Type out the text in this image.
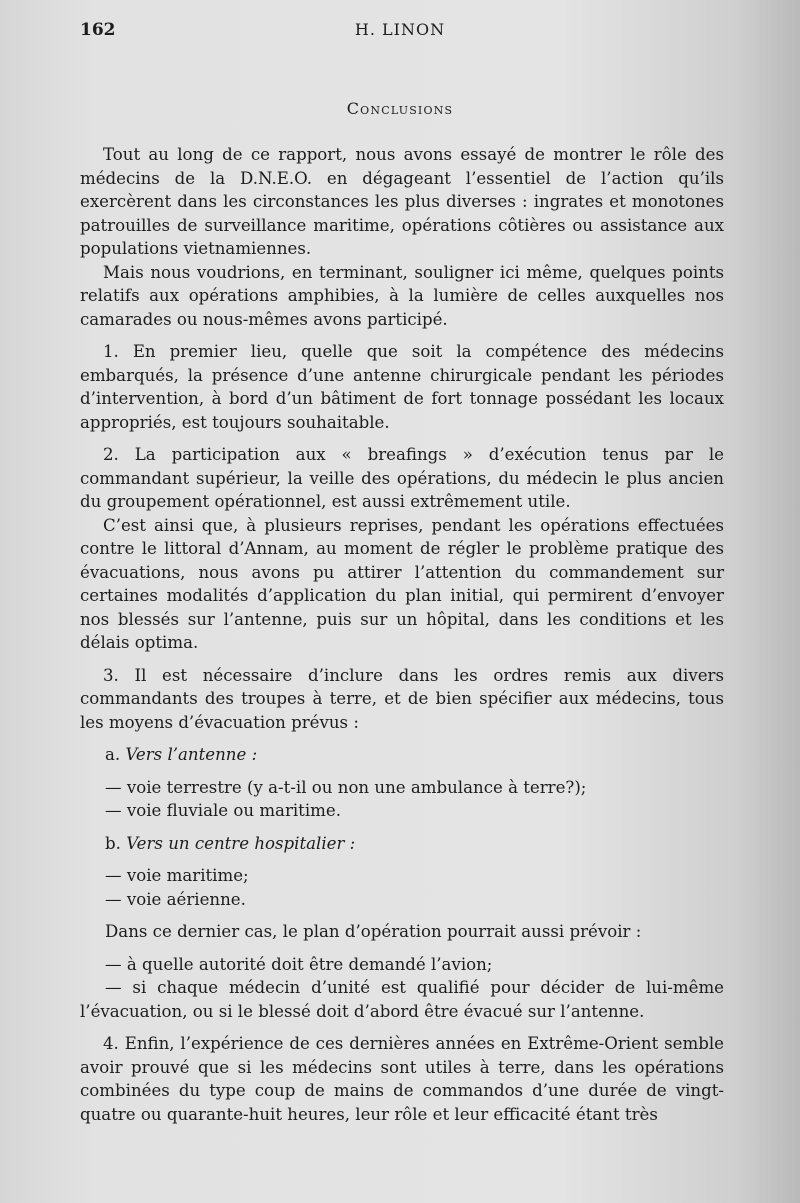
162	H. LINON
Conclusions

Tout au long de ce rapport, nous avons essayé de montrer le rôle des médecins de la D.N.E.O. en dégageant l’essentiel de l’action qu’ils exercèrent dans les circonstances les plus diverses : ingrates et monotones patrouilles de surveillance maritime, opérations côtières ou assistance aux populations vietnamiennes.

Mais nous voudrions, en terminant, souligner ici même, quelques points relatifs aux opérations amphibies, à la lumière de celles auxquelles nos camarades ou nous-mêmes avons participé.

1. En premier lieu, quelle que soit la compétence des médecins embarqués, la présence d’une antenne chirurgicale pendant les périodes d’intervention, à bord d’un bâtiment de fort tonnage possédant les locaux appropriés, est toujours souhaitable.

2. La participation aux « breafings » d’exécution tenus par le commandant supérieur, la veille des opérations, du médecin le plus ancien du groupement opérationnel, est aussi extrêmement utile.

C’est ainsi que, à plusieurs reprises, pendant les opérations effectuées contre le littoral d’Annam, au moment de régler le problème pratique des évacuations, nous avons pu attirer l’attention du commandement sur certaines modalités d’application du plan initial, qui permirent d’envoyer nos blessés sur l’antenne, puis sur un hôpital, dans les conditions et les délais optima.

3. Il est nécessaire d’inclure dans les ordres remis aux divers commandants des troupes à terre, et de bien spécifier aux médecins, tous les moyens d’évacuation prévus :

a. Vers l’antenne :

— voie terrestre (y a-t-il ou non une ambulance à terre?);

— voie fluviale ou maritime.

b. Vers un centre hospitalier :

— voie maritime;

— voie aérienne.

Dans ce dernier cas, le plan d’opération pourrait aussi prévoir :

— à quelle autorité doit être demandé l’avion;

— si chaque médecin d’unité est qualifié pour décider de lui-même l’évacuation, ou si le blessé doit d’abord être évacué sur l’antenne.

4. Enfin, l’expérience de ces dernières années en Extrême-Orient semble avoir prouvé que si les médecins sont utiles à terre, dans les opérations combinées du type coup de mains de commandos d’une durée de vingt-quatre ou quarante-huit heures, leur rôle et leur efficacité étant très
